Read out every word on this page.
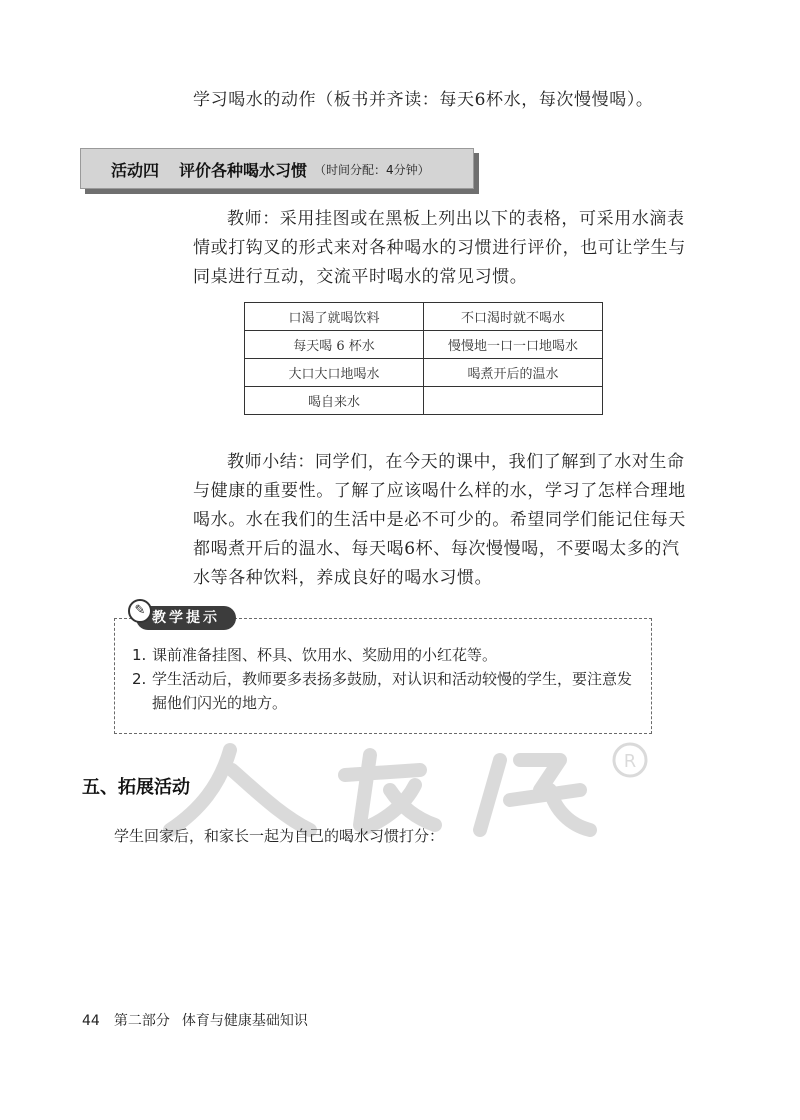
学习喝水的动作（板书并齐读：每天6杯水，每次慢慢喝）。
活动四 评价各种喝水习惯 （时间分配：4分钟）
教师：采用挂图或在黑板上列出以下的表格，可采用水滴表情或打钩叉的形式来对各种喝水的习惯进行评价，也可让学生与同桌进行互动，交流平时喝水的常见习惯。
口渴了就喝饮料	不口渴时就不喝水
每天喝 6 杯水	慢慢地一口一口地喝水
大口大口地喝水	喝煮开后的温水
喝自来水	
教师小结：同学们，在今天的课中，我们了解到了水对生命与健康的重要性。了解了应该喝什么样的水，学习了怎样合理地喝水。水在我们的生活中是必不可少的。希望同学们能记住每天都喝煮开后的温水、每天喝6杯、每次慢慢喝，不要喝太多的汽水等各种饮料，养成良好的喝水习惯。
教学提示
✎
1. 课前准备挂图、杯具、饮用水、奖励用的小红花等。
2. 学生活动后，教师要多表扬多鼓励，对认识和活动较慢的学生，要注意发掘他们闪光的地方。
R
五、拓展活动
学生回家后，和家长一起为自己的喝水习惯打分：
44 第二部分 体育与健康基础知识
